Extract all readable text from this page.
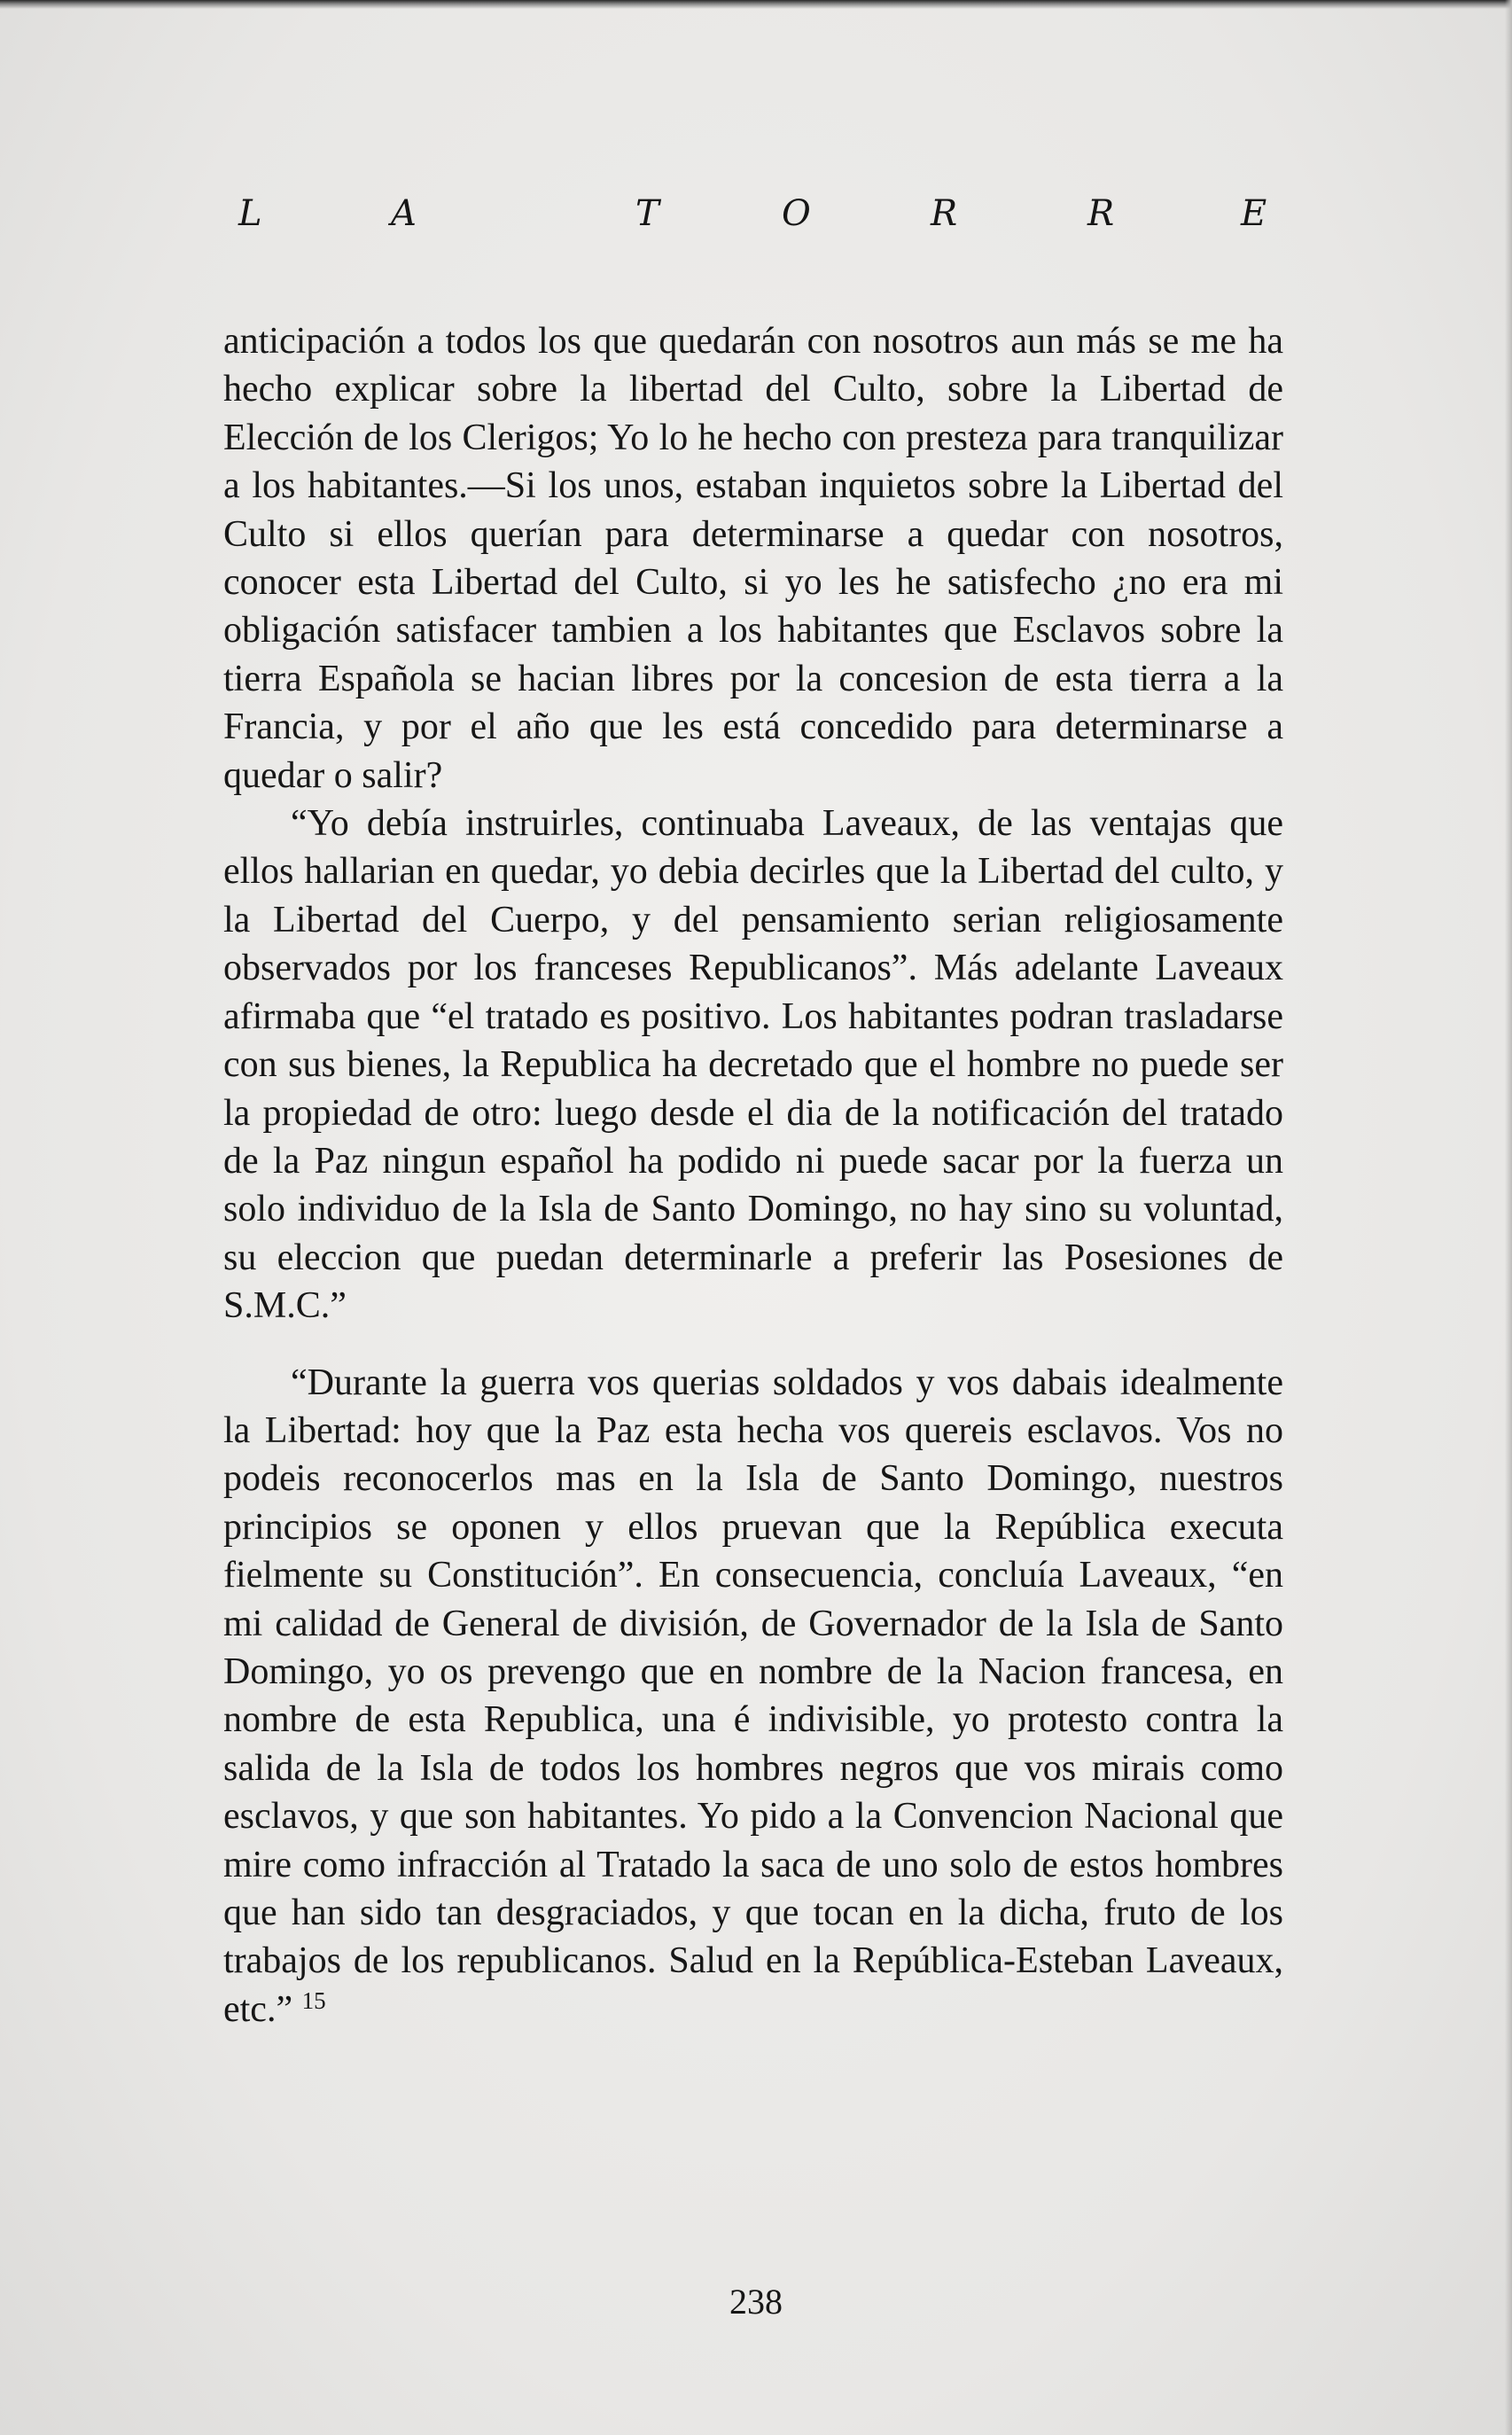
L	A	T	O	R	R	E

anticipación a todos los que quedarán con nosotros aun más se me ha hecho explicar sobre la libertad del Culto, sobre la Libertad de Elección de los Clerigos; Yo lo he hecho con presteza para tranquilizar a los habitantes.—Si los unos, estaban inquietos sobre la Libertad del Culto si ellos querían para determinarse a quedar con nosotros, conocer esta Libertad del Culto, si yo les he satisfecho ¿no era mi obligación satisfacer tambien a los habitantes que Esclavos sobre la tierra Española se hacian libres por la concesion de esta tierra a la Francia, y por el año que les está concedido para determinarse a quedar o salir?

“Yo debía instruirles, continuaba Laveaux, de las ventajas que ellos hallarian en quedar, yo debia decirles que la Libertad del culto, y la Libertad del Cuerpo, y del pensamiento serian religiosamente observados por los franceses Republicanos”. Más adelante Laveaux afirmaba que “el tratado es positivo. Los habitantes podran trasladarse con sus bienes, la Republica ha decretado que el hombre no puede ser la propiedad de otro: luego desde el dia de la notificación del tratado de la Paz ningun español ha podido ni puede sacar por la fuerza un solo individuo de la Isla de Santo Domingo, no hay sino su voluntad, su eleccion que puedan determinarle a preferir las Posesiones de S.M.C.”

“Durante la guerra vos querias soldados y vos dabais idealmente la Libertad: hoy que la Paz esta hecha vos quereis esclavos. Vos no podeis reconocerlos mas en la Isla de Santo Domingo, nuestros principios se oponen y ellos pruevan que la República executa fielmente su Constitución”. En consecuencia, concluía Laveaux, “en mi calidad de General de división, de Governador de la Isla de Santo Domingo, yo os prevengo que en nombre de la Nacion francesa, en nombre de esta Republica, una é indivisible, yo protesto contra la salida de la Isla de todos los hombres negros que vos mirais como esclavos, y que son habitantes. Yo pido a la Convencion Nacional que mire como infracción al Tratado la saca de uno solo de estos hombres que han sido tan desgraciados, y que tocan en la dicha, fruto de los trabajos de los republicanos. Salud en la República-Esteban Laveaux, etc.” $^{15}$

238
